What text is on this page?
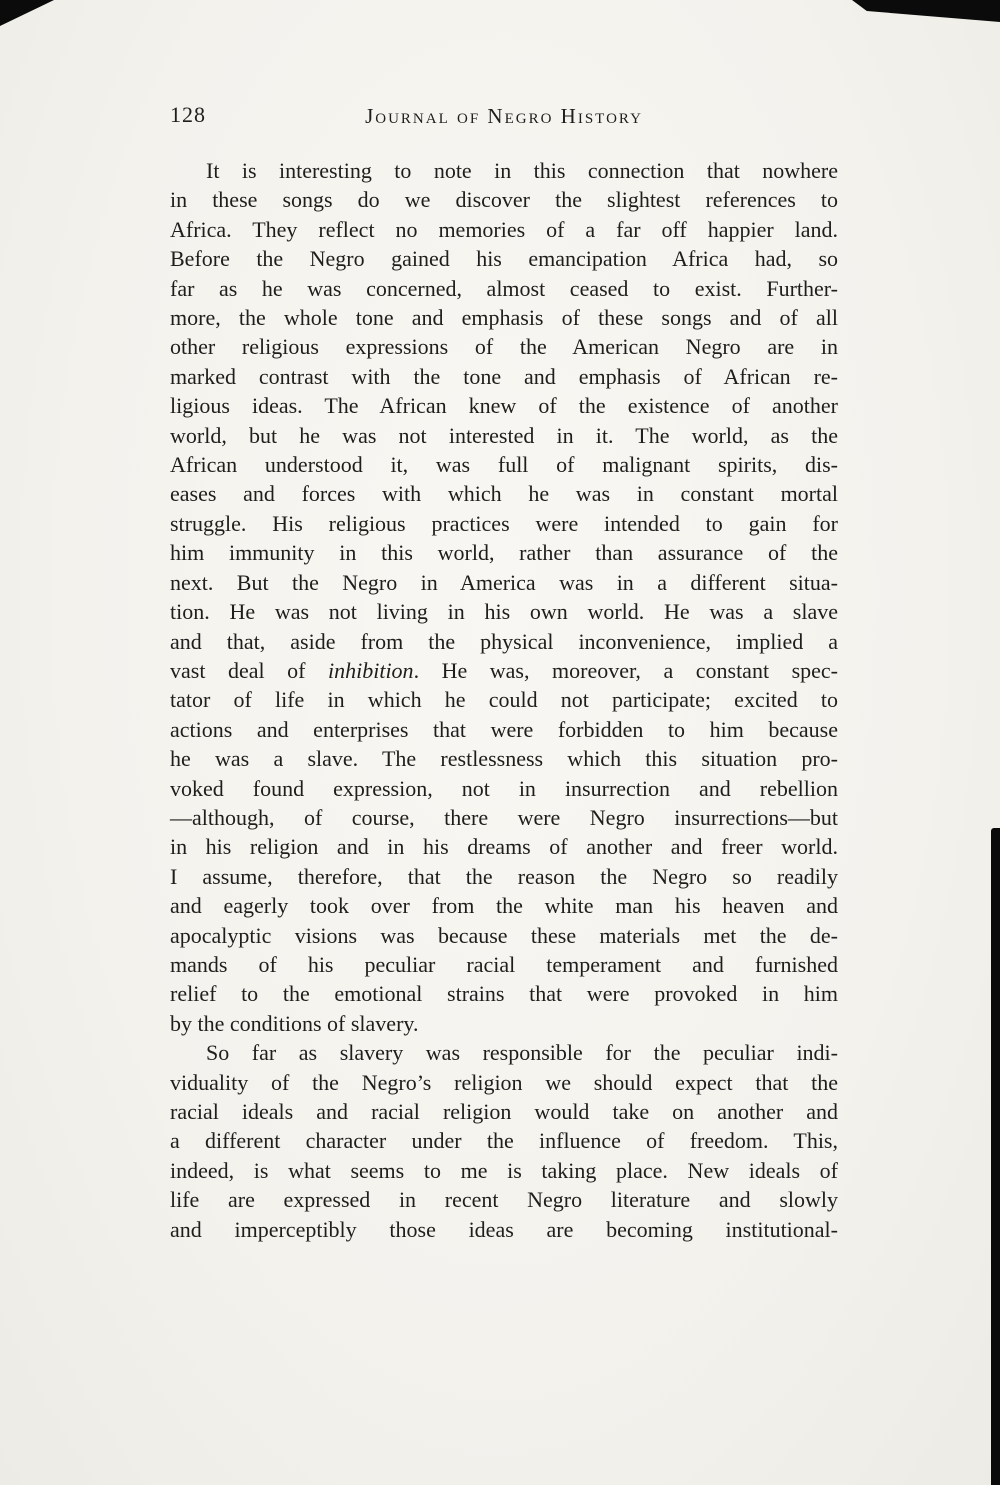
128	Journal of Negro History
It is interesting to note in this connection that nowhere
in these songs do we discover the slightest references to
Africa. They reflect no memories of a far off happier land.
Before the Negro gained his emancipation Africa had, so
far as he was concerned, almost ceased to exist. Further-
more, the whole tone and emphasis of these songs and of all
other religious expressions of the American Negro are in
marked contrast with the tone and emphasis of African re-
ligious ideas. The African knew of the existence of another
world, but he was not interested in it. The world, as the
African understood it, was full of malignant spirits, dis-
eases and forces with which he was in constant mortal
struggle. His religious practices were intended to gain for
him immunity in this world, rather than assurance of the
next. But the Negro in America was in a different situa-
tion. He was not living in his own world. He was a slave
and that, aside from the physical inconvenience, implied a
vast deal of inhibition. He was, moreover, a constant spec-
tator of life in which he could not participate; excited to
actions and enterprises that were forbidden to him because
he was a slave. The restlessness which this situation pro-
voked found expression, not in insurrection and rebellion
—although, of course, there were Negro insurrections—but
in his religion and in his dreams of another and freer world.
I assume, therefore, that the reason the Negro so readily
and eagerly took over from the white man his heaven and
apocalyptic visions was because these materials met the de-
mands of his peculiar racial temperament and furnished
relief to the emotional strains that were provoked in him
by the conditions of slavery.
So far as slavery was responsible for the peculiar indi-
viduality of the Negro’s religion we should expect that the
racial ideals and racial religion would take on another and
a different character under the influence of freedom. This,
indeed, is what seems to me is taking place. New ideals of
life are expressed in recent Negro literature and slowly
and imperceptibly those ideas are becoming institutional-
